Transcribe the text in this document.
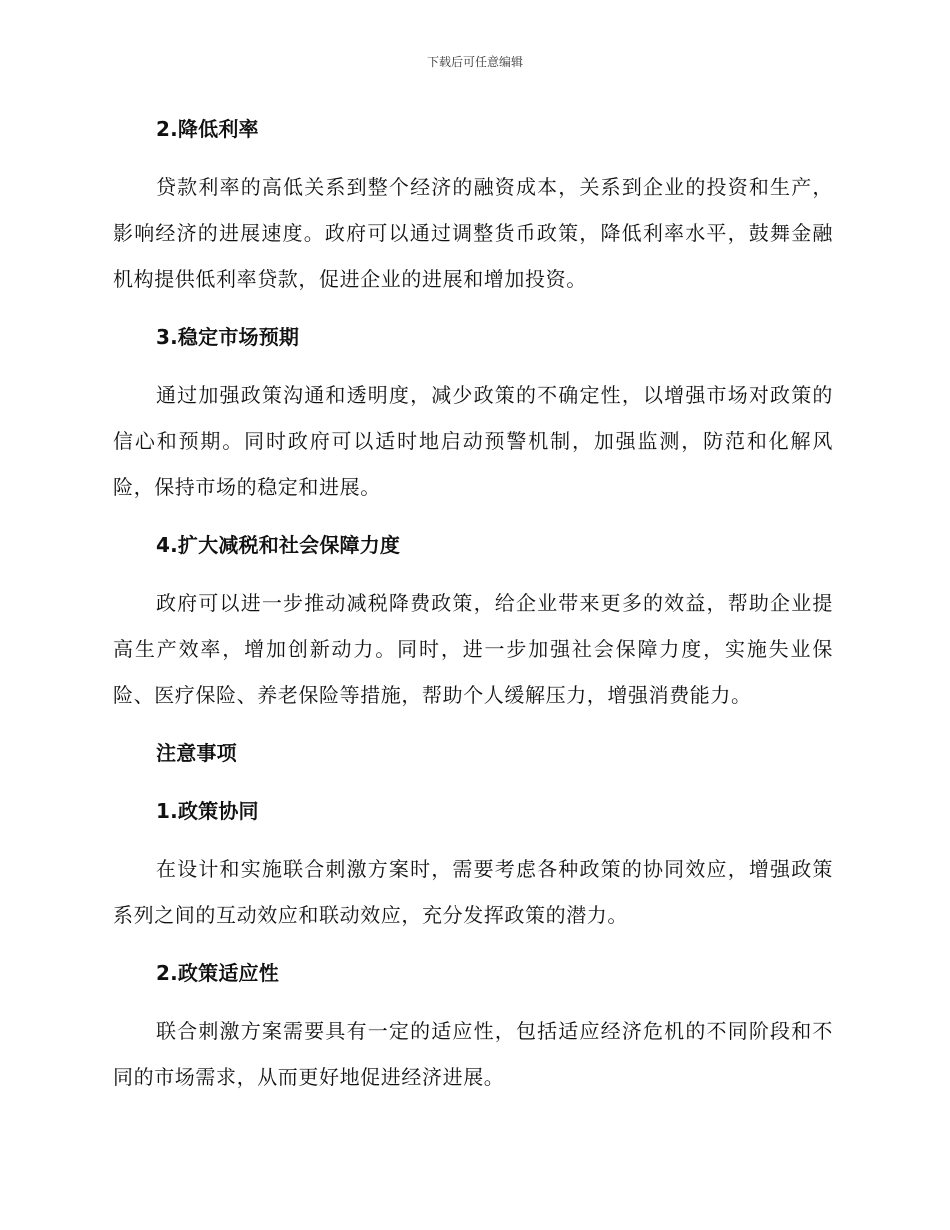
下载后可任意编辑
2.降低利率

贷款利率的高低关系到整个经济的融资成本，关系到企业的投资和生产，影响经济的进展速度。政府可以通过调整货币政策，降低利率水平，鼓舞金融机构提供低利率贷款，促进企业的进展和增加投资。

3.稳定市场预期

通过加强政策沟通和透明度，减少政策的不确定性，以增强市场对政策的信心和预期。同时政府可以适时地启动预警机制，加强监测，防范和化解风险，保持市场的稳定和进展。

4.扩大减税和社会保障力度

政府可以进一步推动减税降费政策，给企业带来更多的效益，帮助企业提高生产效率，增加创新动力。同时，进一步加强社会保障力度，实施失业保险、医疗保险、养老保险等措施，帮助个人缓解压力，增强消费能力。

注意事项
1.政策协同

在设计和实施联合刺激方案时，需要考虑各种政策的协同效应，增强政策系列之间的互动效应和联动效应，充分发挥政策的潜力。

2.政策适应性

联合刺激方案需要具有一定的适应性，包括适应经济危机的不同阶段和不同的市场需求，从而更好地促进经济进展。
